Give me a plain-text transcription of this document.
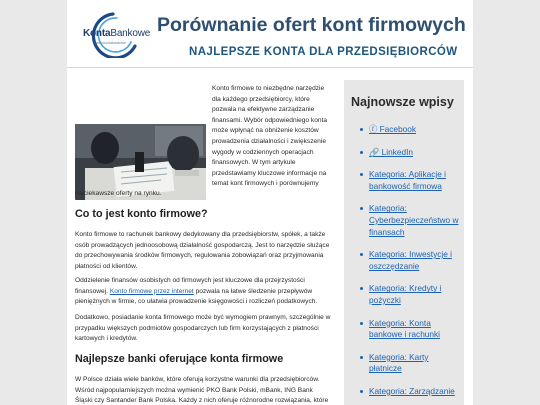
KontaBankowe
www.kontabankowe
Porównanie ofert kont firmowych
NAJLEPSZE KONTA DLA PRZEDSIĘBIORCÓW
Konto firmowe to niezbędne narzędzie dla każdego przedsiębiorcy, które pozwala na efektywne zarządzanie finansami. Wybór odpowiedniego konta może wpłynąć na obniżenie kosztów prowadzenia działalności i zwiększenie wygody w codziennych operacjach finansowych. W tym artykule przedstawiamy kluczowe informacje na temat kont firmowych i porównujemy
najciekawsze oferty na rynku.
Co to jest konto firmowe?
Konto firmowe to rachunek bankowy dedykowany dla przedsiębiorstw, spółek, a także osób prowadzących jednoosobową działalność gospodarczą. Jest to narzędzie służące do przechowywania środków firmowych, regulowania zobowiązań oraz przyjmowania płatności od klientów.
Oddzielenie finansów osobistych od firmowych jest kluczowe dla przejrzystości finansowej. Konto firmowe przez internet pozwala na łatwe śledzenie przepływów pieniężnych w firmie, co ułatwia prowadzenie księgowości i rozliczeń podatkowych.
Dodatkowo, posiadanie konta firmowego może być wymogiem prawnym, szczególnie w przypadku większych podmiotów gospodarczych lub firm korzystających z płatności kartowych i kredytów.
Najlepsze banki oferujące konta firmowe
W Polsce działa wiele banków, które oferują korzystne warunki dla przedsiębiorców. Wśród najpopularniejszych można wymienić PKO Bank Polski, mBank, ING Bank Śląski czy Santander Bank Polska. Każdy z nich oferuje różnorodne rozwiązania, które
Najnowsze wpisy
ⓕ Facebook
🔗 LinkedIn
Kategoria: Aplikacje i bankowość firmowa
Kategoria: Cyberbezpieczeństwo w finansach
Kategoria: Inwestycje i oszczędzanie
Kategoria: Kredyty i pożyczki
Kategoria: Konta bankowe i rachunki
Kategoria: Karty płatnicze
Kategoria: Zarządzanie
